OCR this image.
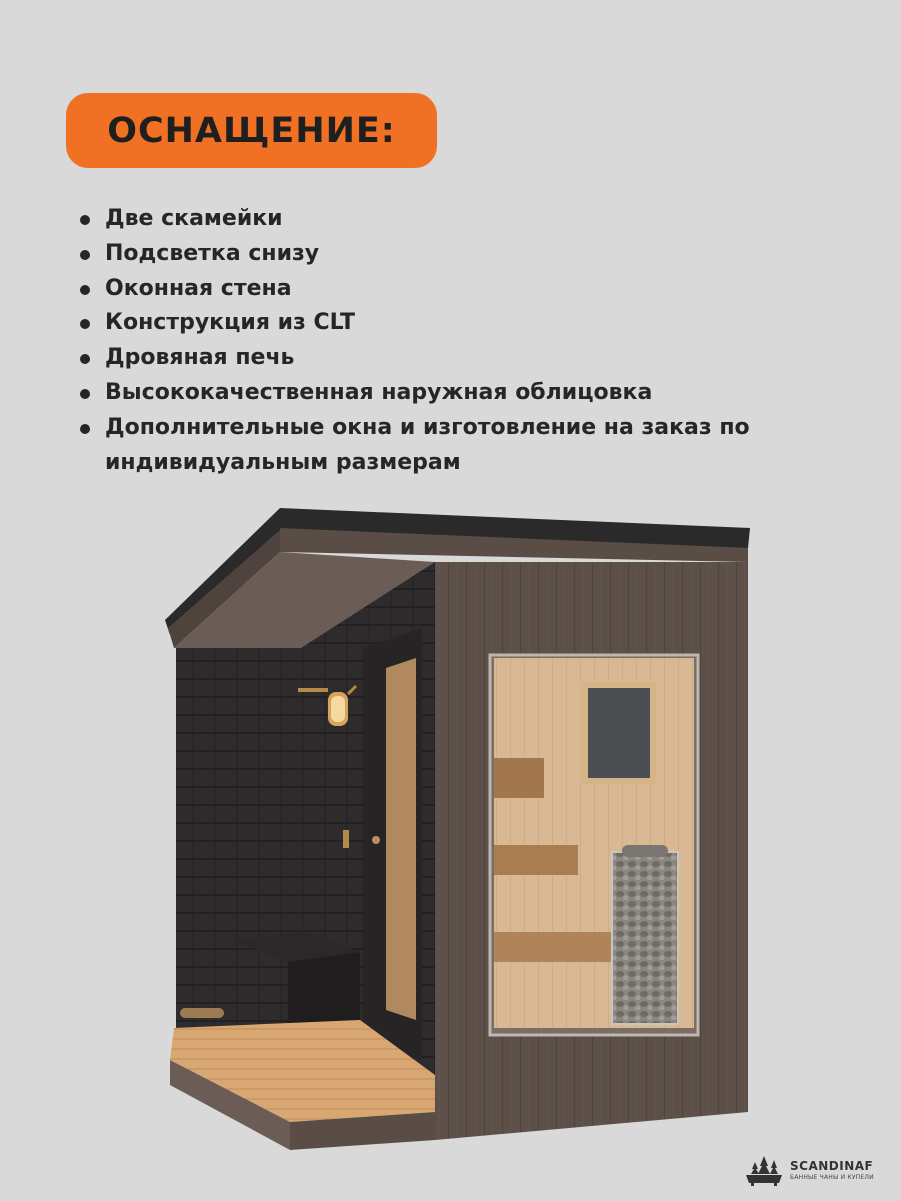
ОСНАЩЕНИЕ:
Две скамейки
Подсветка снизу
Оконная стена
Конструкция из CLT
Дровяная печь
Высококачественная наружная облицовка
Дополнительные окна и изготовление на заказ по индивидуальным размерам
SCANDINAF
БАННЫЕ ЧАНЫ И КУПЕЛИ
